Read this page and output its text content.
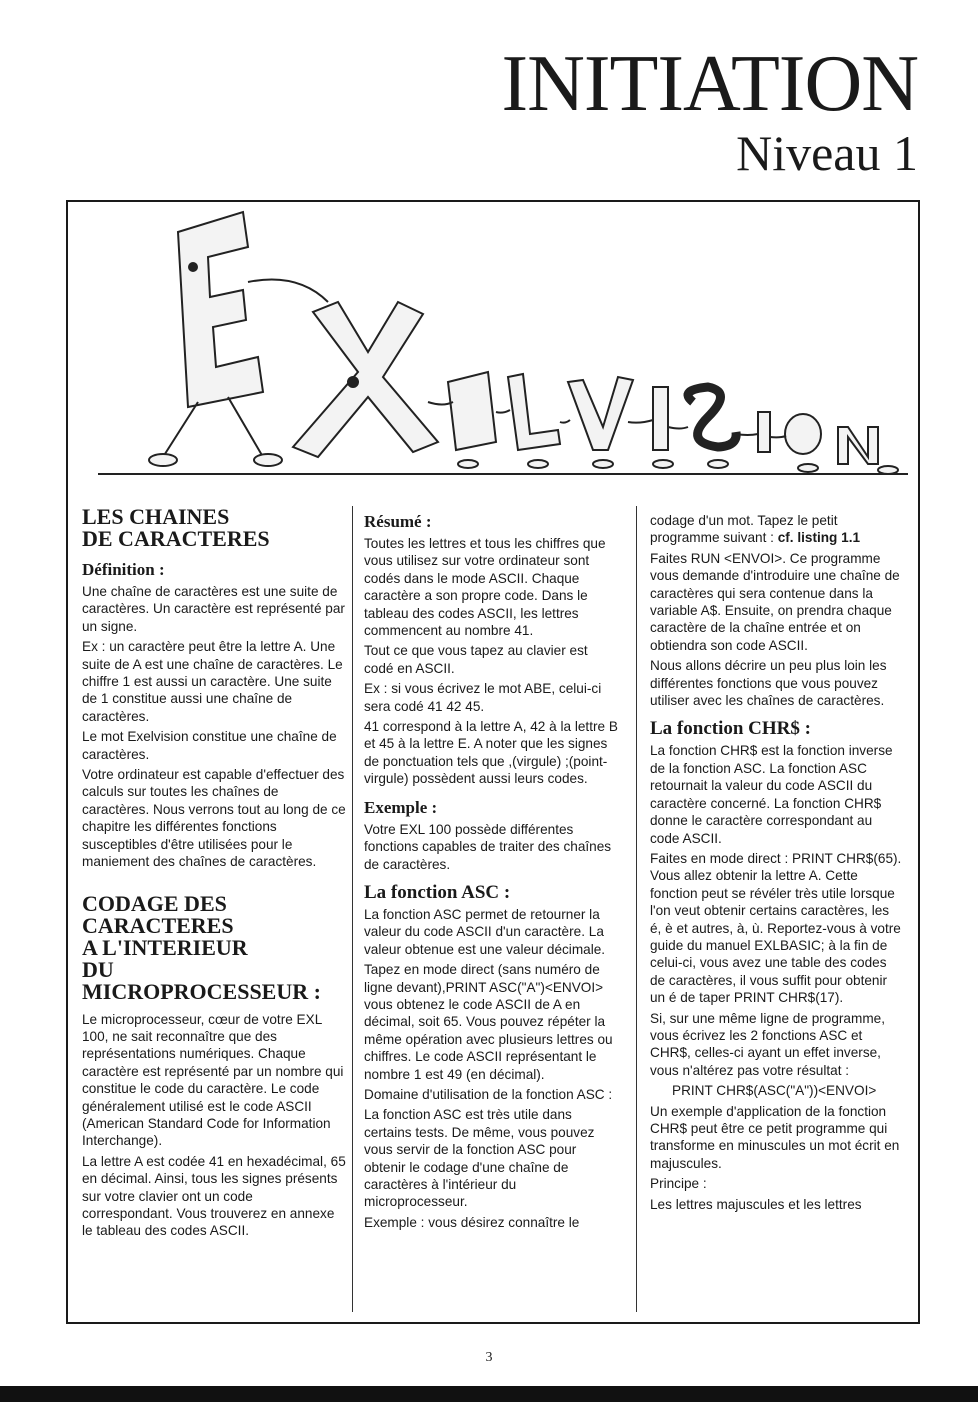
INITIATION
Niveau 1
EXELVISION
LES CHAINES
DE CARACTERES
Définition :

Une chaîne de caractères est une suite de caractères. Un caractère est représenté par un signe.

Ex : un caractère peut être la lettre A. Une suite de A est une chaîne de caractères. Le chiffre 1 est aussi un caractère. Une suite de 1 constitue aussi une chaîne de caractères.

Le mot Exelvision constitue une chaîne de caractères.

Votre ordinateur est capable d'effectuer des calculs sur toutes les chaînes de caractères. Nous verrons tout au long de ce chapitre les différentes fonctions susceptibles d'être utilisées pour le maniement des chaînes de caractères.

CODAGE DES
CARACTERES
A L'INTERIEUR
DU
MICROPROCESSEUR :

Le microprocesseur, cœur de votre EXL 100, ne sait reconnaître que des représentations numériques. Chaque caractère est représenté par un nombre qui constitue le code du caractère. Le code généralement utilisé est le code ASCII (American Standard Code for Information Interchange).

La lettre A est codée 41 en hexadécimal, 65 en décimal. Ainsi, tous les signes présents sur votre clavier ont un code correspondant. Vous trouverez en annexe le tableau des codes ASCII.

Résumé :

Toutes les lettres et tous les chiffres que vous utilisez sur votre ordinateur sont codés dans le mode ASCII. Chaque caractère a son propre code. Dans le tableau des codes ASCII, les lettres commencent au nombre 41.

Tout ce que vous tapez au clavier est codé en ASCII.

Ex : si vous écrivez le mot ABE, celui-ci sera codé 41 42 45.

41 correspond à la lettre A, 42 à la lettre B et 45 à la lettre E. A noter que les signes de ponctuation tels que ,(virgule) ;(point-virgule) possèdent aussi leurs codes.

Exemple :

Votre EXL 100 possède différentes fonctions capables de traiter des chaînes de caractères.

La fonction ASC :

La fonction ASC permet de retourner la valeur du code ASCII d'un caractère. La valeur obtenue est une valeur décimale.

Tapez en mode direct (sans numéro de ligne devant),PRINT ASC("A")<ENVOI> vous obtenez le code ASCII de A en décimal, soit 65. Vous pouvez répéter la même opération avec plusieurs lettres ou chiffres. Le code ASCII représentant le nombre 1 est 49 (en décimal).

Domaine d'utilisation de la fonction ASC :

La fonction ASC est très utile dans certains tests. De même, vous pouvez vous servir de la fonction ASC pour obtenir le codage d'une chaîne de caractères à l'intérieur du microprocesseur.

Exemple : vous désirez connaître le

codage d'un mot. Tapez le petit programme suivant : cf. listing 1.1

Faites RUN <ENVOI>. Ce programme vous demande d'introduire une chaîne de caractères qui sera contenue dans la variable A$. Ensuite, on prendra chaque caractère de la chaîne entrée et on obtiendra son code ASCII.

Nous allons décrire un peu plus loin les différentes fonctions que vous pouvez utiliser avec les chaînes de caractères.

La fonction CHR$ :

La fonction CHR$ est la fonction inverse de la fonction ASC. La fonction ASC retournait la valeur du code ASCII du caractère concerné. La fonction CHR$ donne le caractère correspondant au code ASCII.

Faites en mode direct : PRINT CHR$(65). Vous allez obtenir la lettre A. Cette fonction peut se révéler très utile lorsque l'on veut obtenir certains caractères, les é, è et autres, à, ù. Reportez-vous à votre guide du manuel EXLBASIC; à la fin de celui-ci, vous avez une table des codes de caractères, il vous suffit pour obtenir un é de taper PRINT CHR$(17).

Si, sur une même ligne de programme, vous écrivez les 2 fonctions ASC et CHR$, celles-ci ayant un effet inverse, vous n'altérez pas votre résultat :

PRINT CHR$(ASC("A"))<ENVOI>

Un exemple d'application de la fonction CHR$ peut être ce petit programme qui transforme en minuscules un mot écrit en majuscules.

Principe :

Les lettres majuscules et les lettres

3
